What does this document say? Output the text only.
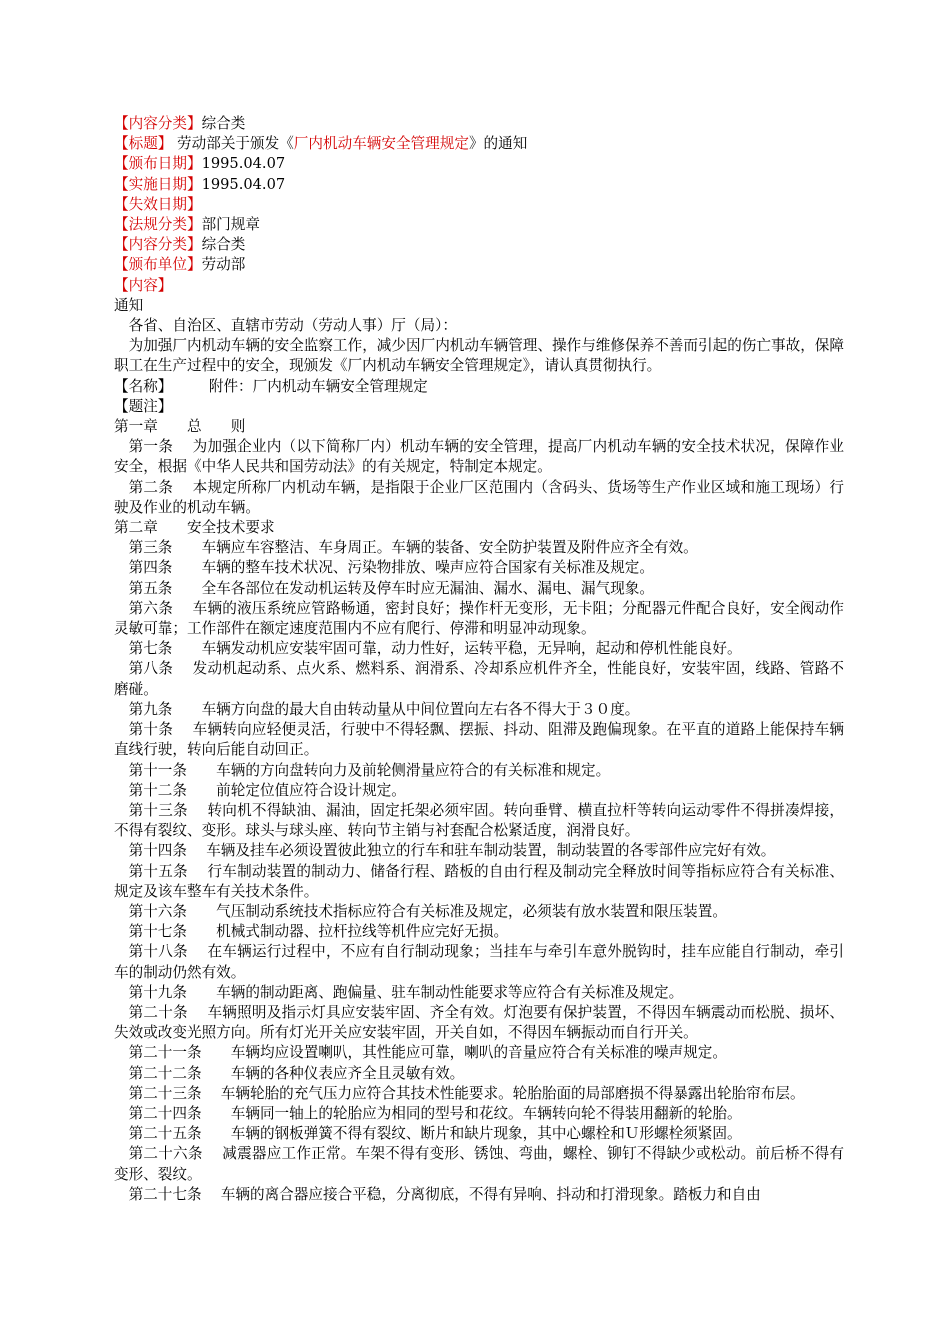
【内容分类】综合类
【标题】 劳动部关于颁发《厂内机动车辆安全管理规定》的通知
【颁布日期】1995.04.07
【实施日期】1995.04.07
【失效日期】
【法规分类】部门规章
【内容分类】综合类
【颁布单位】劳动部
【内容】
通知
各省、自治区、直辖市劳动（劳动人事）厅（局）：
为加强厂内机动车辆的安全监察工作，减少因厂内机动车辆管理、操作与维修保养不善而引起的伤亡事故，保障职工在生产过程中的安全，现颁发《厂内机动车辆安全管理规定》，请认真贯彻执行。
【名称】　　　附件：厂内机动车辆安全管理规定
【题注】
第一章　　总　　则
第一条　 为加强企业内（以下简称厂内）机动车辆的安全管理，提高厂内机动车辆的安全技术状况，保障作业安全，根据《中华人民共和国劳动法》的有关规定，特制定本规定。
第二条　 本规定所称厂内机动车辆，是指限于企业厂区范围内（含码头、货场等生产作业区域和施工现场）行驶及作业的机动车辆。
第二章　　安全技术要求
第三条　　车辆应车容整洁、车身周正。车辆的装备、安全防护装置及附件应齐全有效。
第四条　　车辆的整车技术状况、污染物排放、噪声应符合国家有关标准及规定。
第五条　　全车各部位在发动机运转及停车时应无漏油、漏水、漏电、漏气现象。
第六条　 车辆的液压系统应管路畅通，密封良好；操作杆无变形，无卡阻；分配器元件配合良好，安全阀动作灵敏可靠；工作部件在额定速度范围内不应有爬行、停滞和明显冲动现象。
第七条　　车辆发动机应安装牢固可靠，动力性好，运转平稳，无异响，起动和停机性能良好。
第八条　 发动机起动系、点火系、燃料系、润滑系、冷却系应机件齐全，性能良好，安装牢固，线路、管路不磨碰。
第九条　　车辆方向盘的最大自由转动量从中间位置向左右各不得大于３０度。
第十条　 车辆转向应轻便灵活，行驶中不得轻飘、摆振、抖动、阻滞及跑偏现象。在平直的道路上能保持车辆直线行驶，转向后能自动回正。
第十一条　　车辆的方向盘转向力及前轮侧滑量应符合的有关标准和规定。
第十二条　　前轮定位值应符合设计规定。
第十三条　 转向机不得缺油、漏油，固定托架必须牢固。转向垂臂、横直拉杆等转向运动零件不得拼凑焊接，不得有裂纹、变形。球头与球头座、转向节主销与衬套配合松紧适度，润滑良好。
第十四条　 车辆及挂车必须设置彼此独立的行车和驻车制动装置，制动装置的各零部件应完好有效。
第十五条　 行车制动装置的制动力、储备行程、踏板的自由行程及制动完全释放时间等指标应符合有关标准、规定及该车整车有关技术条件。
第十六条　　气压制动系统技术指标应符合有关标准及规定，必须装有放水装置和限压装置。
第十七条　　机械式制动器、拉杆拉线等机件应完好无损。
第十八条　 在车辆运行过程中，不应有自行制动现象；当挂车与牵引车意外脱钩时，挂车应能自行制动，牵引车的制动仍然有效。
第十九条　　车辆的制动距离、跑偏量、驻车制动性能要求等应符合有关标准及规定。
第二十条　 车辆照明及指示灯具应安装牢固、齐全有效。灯泡要有保护装置，不得因车辆震动而松脱、损坏、失效或改变光照方向。所有灯光开关应安装牢固，开关自如，不得因车辆振动而自行开关。
第二十一条　　车辆均应设置喇叭，其性能应可靠，喇叭的音量应符合有关标准的噪声规定。
第二十二条　　车辆的各种仪表应齐全且灵敏有效。
第二十三条　 车辆轮胎的充气压力应符合其技术性能要求。轮胎胎面的局部磨损不得暴露出轮胎帘布层。
第二十四条　　车辆同一轴上的轮胎应为相同的型号和花纹。车辆转向轮不得装用翻新的轮胎。
第二十五条　　车辆的钢板弹簧不得有裂纹、断片和缺片现象，其中心螺栓和Ｕ形螺栓须紧固。
第二十六条　 减震器应工作正常。车架不得有变形、锈蚀、弯曲，螺栓、铆钉不得缺少或松动。前后桥不得有变形、裂纹。
第二十七条　 车辆的离合器应接合平稳，分离彻底，不得有异响、抖动和打滑现象。踏板力和自由
